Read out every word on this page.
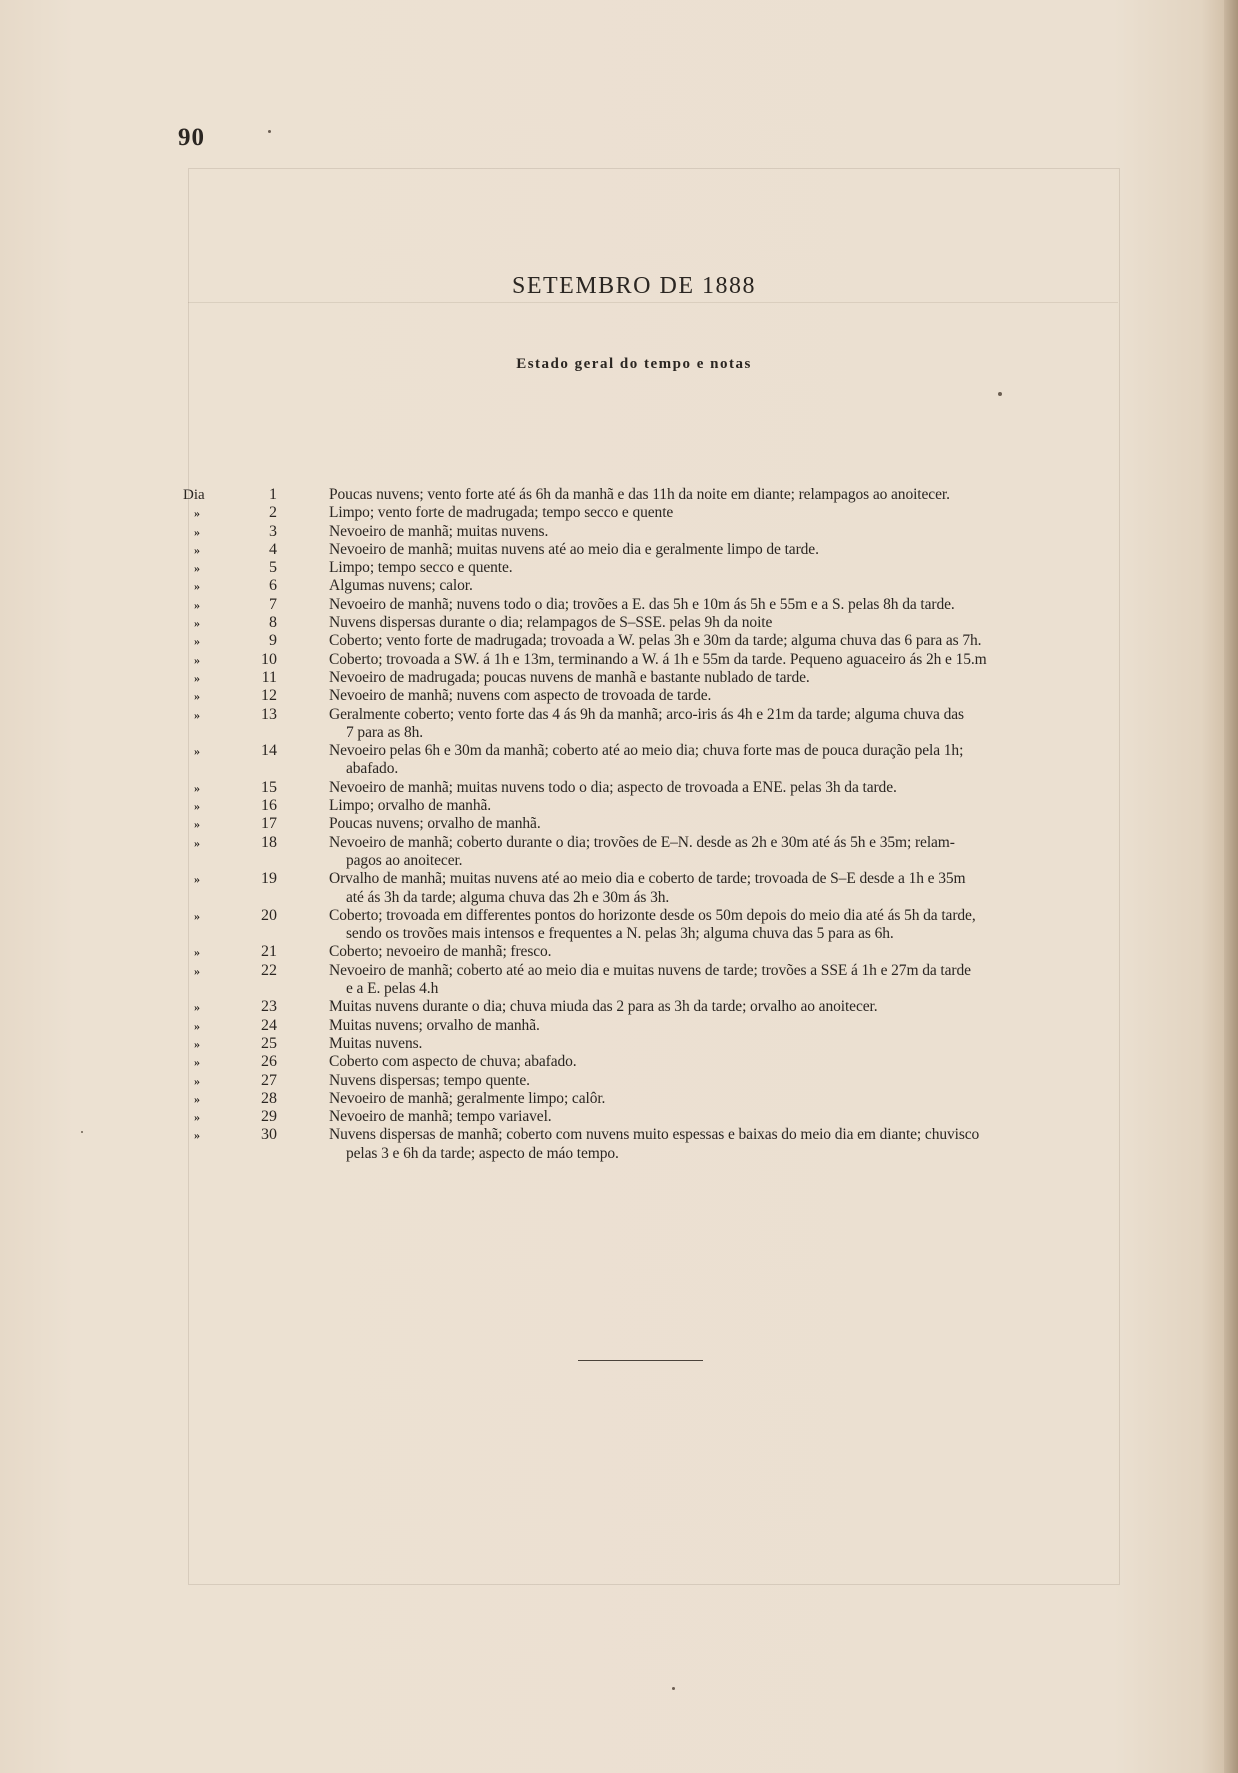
90
SETEMBRO DE 1888
Estado geral do tempo e notas
Dia	1	Poucas nuvens; vento forte até ás 6h da manhã e das 11h da noite em diante; relampagos ao anoitecer.
»	2	Limpo; vento forte de madrugada; tempo secco e quente
»	3	Nevoeiro de manhã; muitas nuvens.
»	4	Nevoeiro de manhã; muitas nuvens até ao meio dia e geralmente limpo de tarde.
»	5	Limpo; tempo secco e quente.
»	6	Algumas nuvens; calor.
»	7	Nevoeiro de manhã; nuvens todo o dia; trovões a E. das 5h e 10m ás 5h e 55m e a S. pelas 8h da tarde.
»	8	Nuvens dispersas durante o dia; relampagos de S–SSE. pelas 9h da noite
»	9	Coberto; vento forte de madrugada; trovoada a W. pelas 3h e 30m da tarde; alguma chuva das 6 para as 7h.
»	10	Coberto; trovoada a SW. á 1h e 13m, terminando a W. á 1h e 55m da tarde. Pequeno aguaceiro ás 2h e 15.m
»	11	Nevoeiro de madrugada; poucas nuvens de manhã e bastante nublado de tarde.
»	12	Nevoeiro de manhã; nuvens com aspecto de trovoada de tarde.
»	13	Geralmente coberto; vento forte das 4 ás 9h da manhã; arco-iris ás 4h e 21m da tarde; alguma chuva das
7 para as 8h.
»	14	Nevoeiro pelas 6h e 30m da manhã; coberto até ao meio dia; chuva forte mas de pouca duração pela 1h;
abafado.
»	15	Nevoeiro de manhã; muitas nuvens todo o dia; aspecto de trovoada a ENE. pelas 3h da tarde.
»	16	Limpo; orvalho de manhã.
»	17	Poucas nuvens; orvalho de manhã.
»	18	Nevoeiro de manhã; coberto durante o dia; trovões de E–N. desde as 2h e 30m até ás 5h e 35m; relam-
pagos ao anoitecer.
»	19	Orvalho de manhã; muitas nuvens até ao meio dia e coberto de tarde; trovoada de S–E desde a 1h e 35m
até ás 3h da tarde; alguma chuva das 2h e 30m ás 3h.
»	20	Coberto; trovoada em differentes pontos do horizonte desde os 50m depois do meio dia até ás 5h da tarde,
sendo os trovões mais intensos e frequentes a N. pelas 3h; alguma chuva das 5 para as 6h.
»	21	Coberto; nevoeiro de manhã; fresco.
»	22	Nevoeiro de manhã; coberto até ao meio dia e muitas nuvens de tarde; trovões a SSE á 1h e 27m da tarde
e a E. pelas 4.h
»	23	Muitas nuvens durante o dia; chuva miuda das 2 para as 3h da tarde; orvalho ao anoitecer.
»	24	Muitas nuvens; orvalho de manhã.
»	25	Muitas nuvens.
»	26	Coberto com aspecto de chuva; abafado.
»	27	Nuvens dispersas; tempo quente.
»	28	Nevoeiro de manhã; geralmente limpo; calôr.
»	29	Nevoeiro de manhã; tempo variavel.
»	30	Nuvens dispersas de manhã; coberto com nuvens muito espessas e baixas do meio dia em diante; chuvisco
pelas 3 e 6h da tarde; aspecto de máo tempo.
